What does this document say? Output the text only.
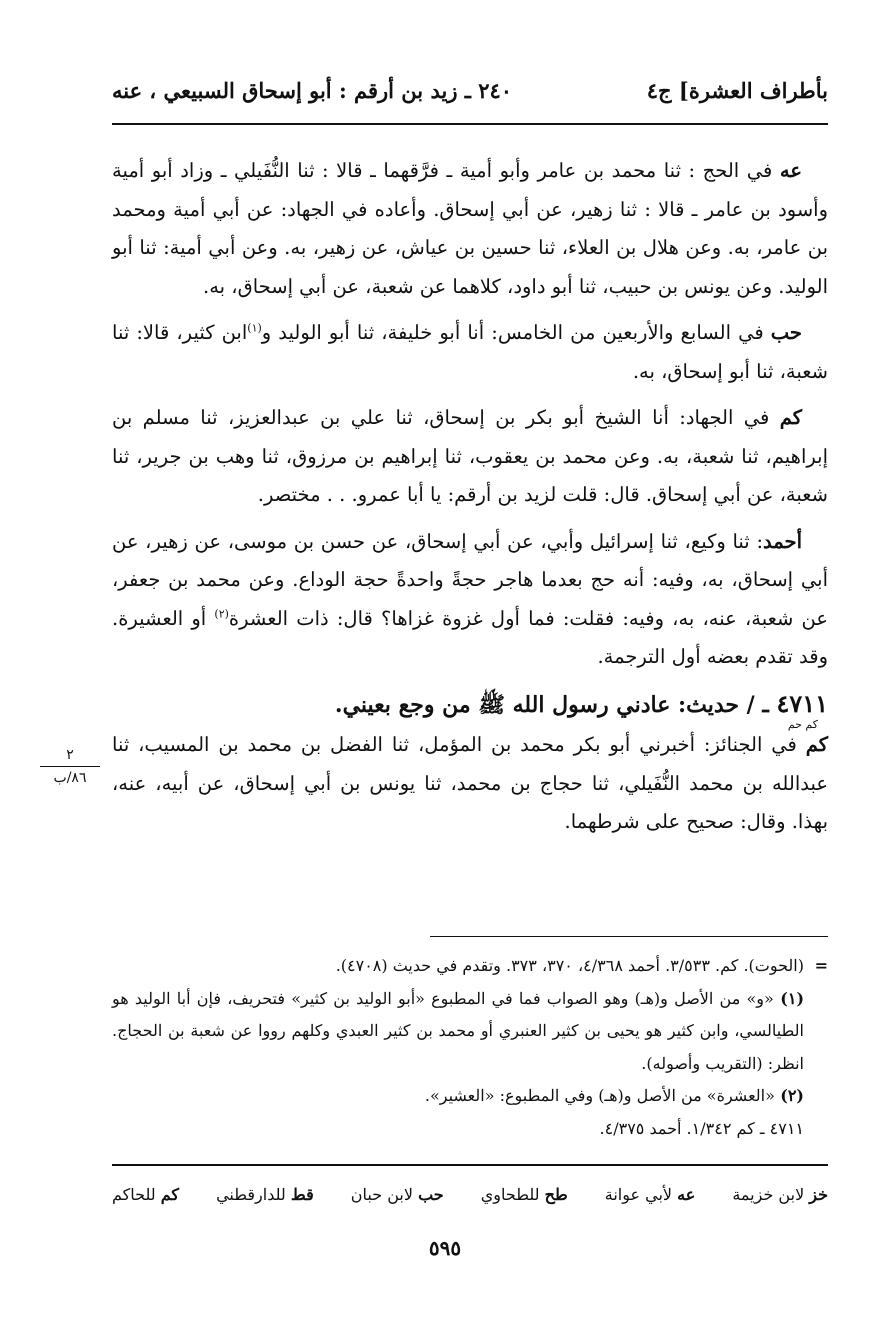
بأطراف العشرة] ج٤
٢٤٠ ـ زيد بن أرقم : أبو إسحاق السبيعي ، عنه

عه في الحج : ثنا محمد بن عامر وأبو أمية ـ فرَّقهما ـ قالا : ثنا النُّفَيلي ـ وزاد أبو أمية وأسود بن عامر ـ قالا : ثنا زهير، عن أبي إسحاق. وأعاده في الجهاد: عن أبي أمية ومحمد بن عامر، به. وعن هلال بن العلاء، ثنا حسين بن عياش، عن زهير، به. وعن أبي أمية: ثنا أبو الوليد. وعن يونس بن حبيب، ثنا أبو داود، كلاهما عن شعبة، عن أبي إسحاق، به.

حب في السابع والأربعين من الخامس: أنا أبو خليفة، ثنا أبو الوليد و$^{(١)}$ابن كثير، قالا: ثنا شعبة، ثنا أبو إسحاق، به.

كم في الجهاد: أنا الشيخ أبو بكر بن إسحاق، ثنا علي بن عبدالعزيز، ثنا مسلم بن إبراهيم، ثنا شعبة، به. وعن محمد بن يعقوب، ثنا إبراهيم بن مرزوق، ثنا وهب بن جرير، ثنا شعبة، عن أبي إسحاق. قال: قلت لزيد بن أرقم: يا أبا عمرو. . . مختصر.

أحمد: ثنا وكيع، ثنا إسرائيل وأبي، عن أبي إسحاق، عن حسن بن موسى، عن زهير، عن أبي إسحاق، به، وفيه: أنه حج بعدما هاجر حجةً واحدةً حجة الوداع. وعن محمد بن جعفر، عن شعبة، عنه، به، وفيه: فقلت: فما أول غزوة غزاها؟ قال: ذات العشرة$^{(٢)}$ أو العشيرة. وقد تقدم بعضه أول الترجمة.

٤٧١١ ـ / حديث: عادني رسول الله ﷺ من وجع بعيني.

كم حم

كم في الجنائز: أخبرني أبو بكر محمد بن المؤمل، ثنا الفضل بن محمد بن المسيب، ثنا عبدالله بن محمد النُّفَيلي، ثنا حجاج بن محمد، ثنا يونس بن أبي إسحاق، عن أبيه، عنه، بهذا. وقال: صحيح على شرطهما.

٢
٨٦/ب

=(الحوت). كم. ٣/٥٣٣. أحمد ٤/٣٦٨، ٣٧٠، ٣٧٣. وتقدم في حديث (٤٧٠٨).

(١) «و» من الأصل و(هـ) وهو الصواب فما في المطبوع «أبو الوليد بن كثير» فتحريف، فإن أبا الوليد هو الطيالسي، وابن كثير هو يحيى بن كثير العنبري أو محمد بن كثير العبدي وكلهم رووا عن شعبة بن الحجاج. انظر: (التقريب وأصوله).

(٢) «العشرة» من الأصل و(هـ) وفي المطبوع: «العشير».

٤٧١١ ـ كم ١/٣٤٢. أحمد ٤/٣٧٥.

خز لابن خزيمة
عه لأبي عوانة
طح للطحاوي
حب لابن حبان
قط للدارقطني
كم للحاكم
٥٩٥
